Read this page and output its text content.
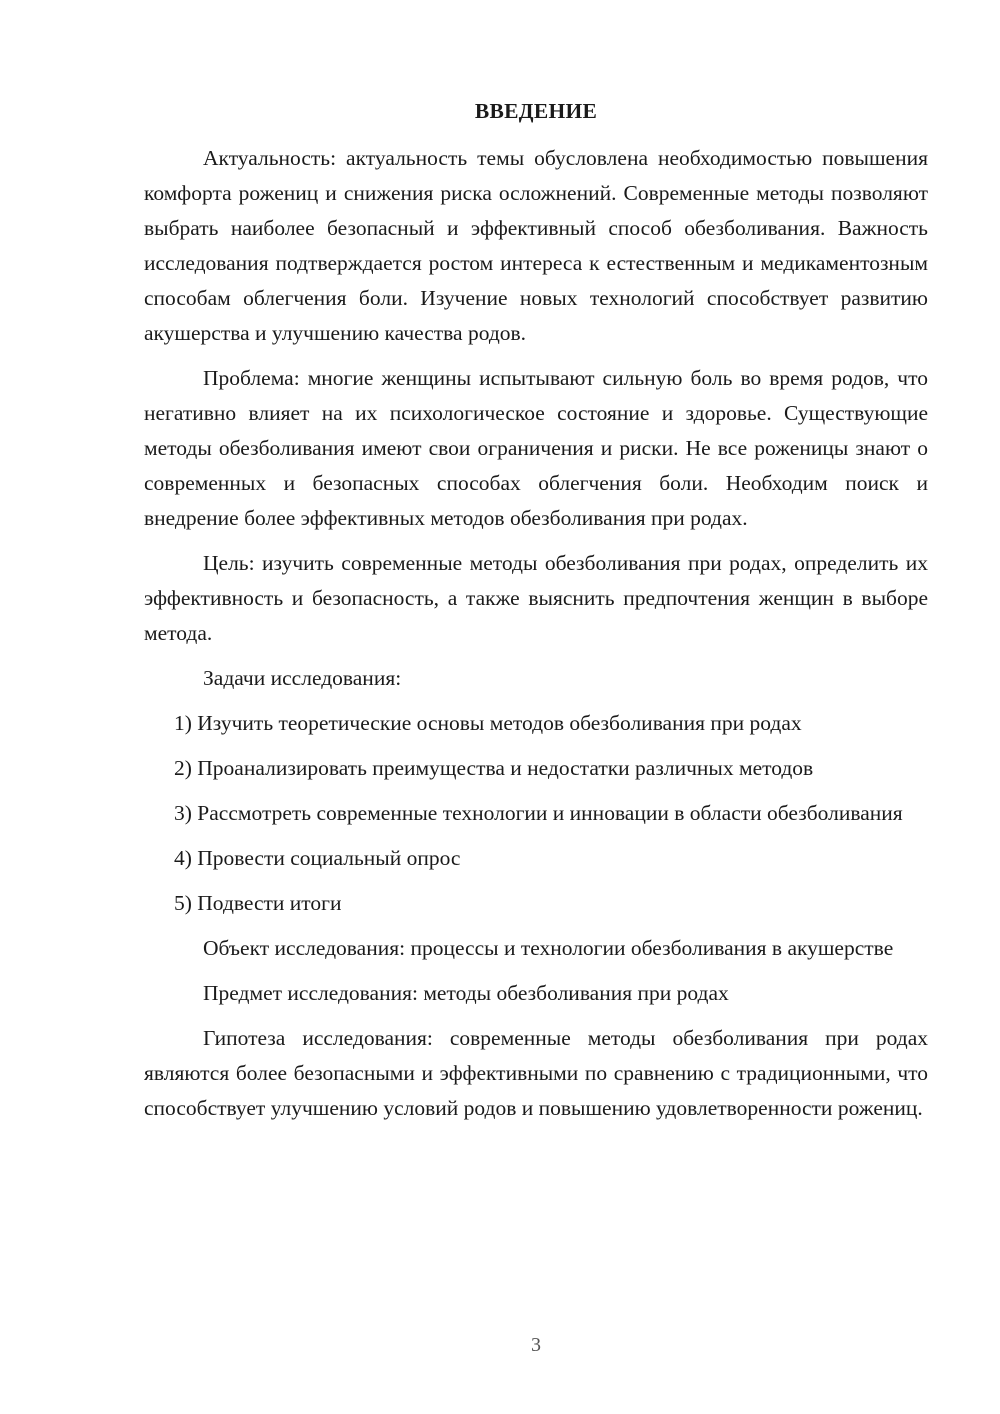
ВВЕДЕНИЕ

Актуальность: актуальность темы обусловлена необходимостью повышения комфорта рожениц и снижения риска осложнений. Современные методы позволяют выбрать наиболее безопасный и эффективный способ обезболивания. Важность исследования подтверждается ростом интереса к естественным и медикаментозным способам облегчения боли. Изучение новых технологий способствует развитию акушерства и улучшению качества родов.

Проблема: многие женщины испытывают сильную боль во время родов, что негативно влияет на их психологическое состояние и здоровье. Существующие методы обезболивания имеют свои ограничения и риски. Не все роженицы знают о современных и безопасных способах облегчения боли. Необходим поиск и внедрение более эффективных методов обезболивания при родах.

Цель: изучить современные методы обезболивания при родах, определить их эффективность и безопасность, а также выяснить предпочтения женщин в выборе метода.

Задачи исследования:

1) Изучить теоретические основы методов обезболивания при родах

2) Проанализировать преимущества и недостатки различных методов

3) Рассмотреть современные технологии и инновации в области обезболивания

4) Провести социальный опрос

5) Подвести итоги

Объект исследования: процессы и технологии обезболивания в акушерстве

Предмет исследования: методы обезболивания при родах

Гипотеза исследования: современные методы обезболивания при родах являются более безопасными и эффективными по сравнению с традиционными, что способствует улучшению условий родов и повышению удовлетворенности рожениц.

3
